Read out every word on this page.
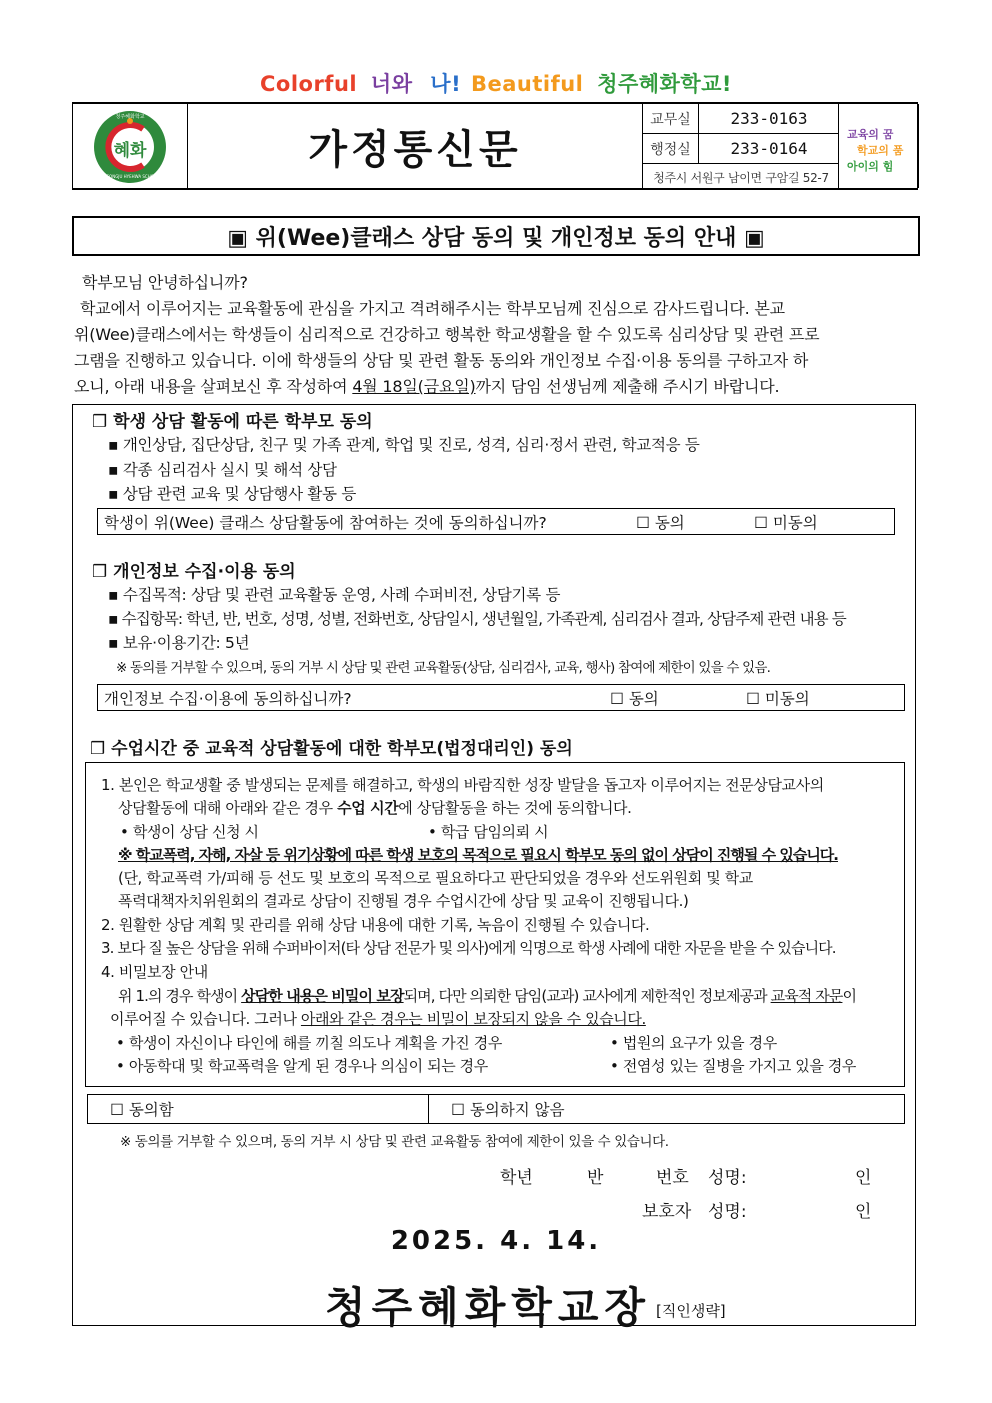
Colorful 너와 나! Beautiful 청주혜화학교!
혜화
청주혜화학교
CHEONGJU HYEHWA SCHOOL
가정통신문
교무실	233-0163
행정실	233-0164
청주시 서원구 남이면 구암길 52-7
교육의 꿈
학교의 품
아이의 힘
▣ 위(Wee)클래스 상담 동의 및 개인정보 동의 안내 ▣
학부모님 안녕하십니까?
학교에서 이루어지는 교육활동에 관심을 가지고 격려해주시는 학부모님께 진심으로 감사드립니다. 본교
위(Wee)클래스에서는 학생들이 심리적으로 건강하고 행복한 학교생활을 할 수 있도록 심리상담 및 관련 프로
그램을 진행하고 있습니다. 이에 학생들의 상담 및 관련 활동 동의와 개인정보 수집·이용 동의를 구하고자 하
오니, 아래 내용을 살펴보신 후 작성하여 4월 18일(금요일)까지 담임 선생님께 제출해 주시기 바랍니다.
❒ 학생 상담 활동에 따른 학부모 동의
▪ 개인상담, 집단상담, 친구 및 가족 관계, 학업 및 진로, 성격, 심리·정서 관련, 학교적응 등
▪ 각종 심리검사 실시 및 해석 상담
▪ 상담 관련 교육 및 상담행사 활동 등
학생이 위(Wee) 클래스 상담활동에 참여하는 것에 동의하십니까?	☐ 동의	☐ 미동의
❒ 개인정보 수집·이용 동의
▪ 수집목적: 상담 및 관련 교육활동 운영, 사례 수퍼비전, 상담기록 등
▪ 수집항목: 학년, 반, 번호, 성명, 성별, 전화번호, 상담일시, 생년월일, 가족관계, 심리검사 결과, 상담주제 관련 내용 등
▪ 보유·이용기간: 5년
※ 동의를 거부할 수 있으며, 동의 거부 시 상담 및 관련 교육활동(상담, 심리검사, 교육, 행사) 참여에 제한이 있을 수 있음.
개인정보 수집·이용에 동의하십니까?	☐ 동의	☐ 미동의
❒ 수업시간 중 교육적 상담활동에 대한 학부모(법정대리인) 동의
1. 본인은 학교생활 중 발생되는 문제를 해결하고, 학생의 바람직한 성장 발달을 돕고자 이루어지는 전문상담교사의
상담활동에 대해 아래와 같은 경우 수업 시간에 상담활동을 하는 것에 동의합니다.
• 학생이 상담 신청 시	• 학급 담임의뢰 시
※ 학교폭력, 자해, 자살 등 위기상황에 따른 학생 보호의 목적으로 필요시 학부모 동의 없이 상담이 진행될 수 있습니다.
(단, 학교폭력 가/피해 등 선도 및 보호의 목적으로 필요하다고 판단되었을 경우와 선도위원회 및 학교
폭력대책자치위원회의 결과로 상담이 진행될 경우 수업시간에 상담 및 교육이 진행됩니다.)
2. 원활한 상담 계획 및 관리를 위해 상담 내용에 대한 기록, 녹음이 진행될 수 있습니다.
3. 보다 질 높은 상담을 위해 수퍼바이저(타 상담 전문가 및 의사)에게 익명으로 학생 사례에 대한 자문을 받을 수 있습니다.
4. 비밀보장 안내
위 1.의 경우 학생이 상담한 내용은 비밀이 보장되며, 다만 의뢰한 담임(교과) 교사에게 제한적인 정보제공과 교육적 자문이
이루어질 수 있습니다. 그러나 아래와 같은 경우는 비밀이 보장되지 않을 수 있습니다.
• 학생이 자신이나 타인에 해를 끼칠 의도나 계획을 가진 경우	• 법원의 요구가 있을 경우
• 아동학대 및 학교폭력을 알게 된 경우나 의심이 되는 경우	• 전염성 있는 질병을 가지고 있을 경우
☐ 동의함	☐ 동의하지 않음
※ 동의를 거부할 수 있으며, 동의 거부 시 상담 및 관련 교육활동 참여에 제한이 있을 수 있습니다.
학년	반	번호 성명:	인
보호자 성명:	인
2025. 4. 14.
청주혜화학교장 [직인생략]
